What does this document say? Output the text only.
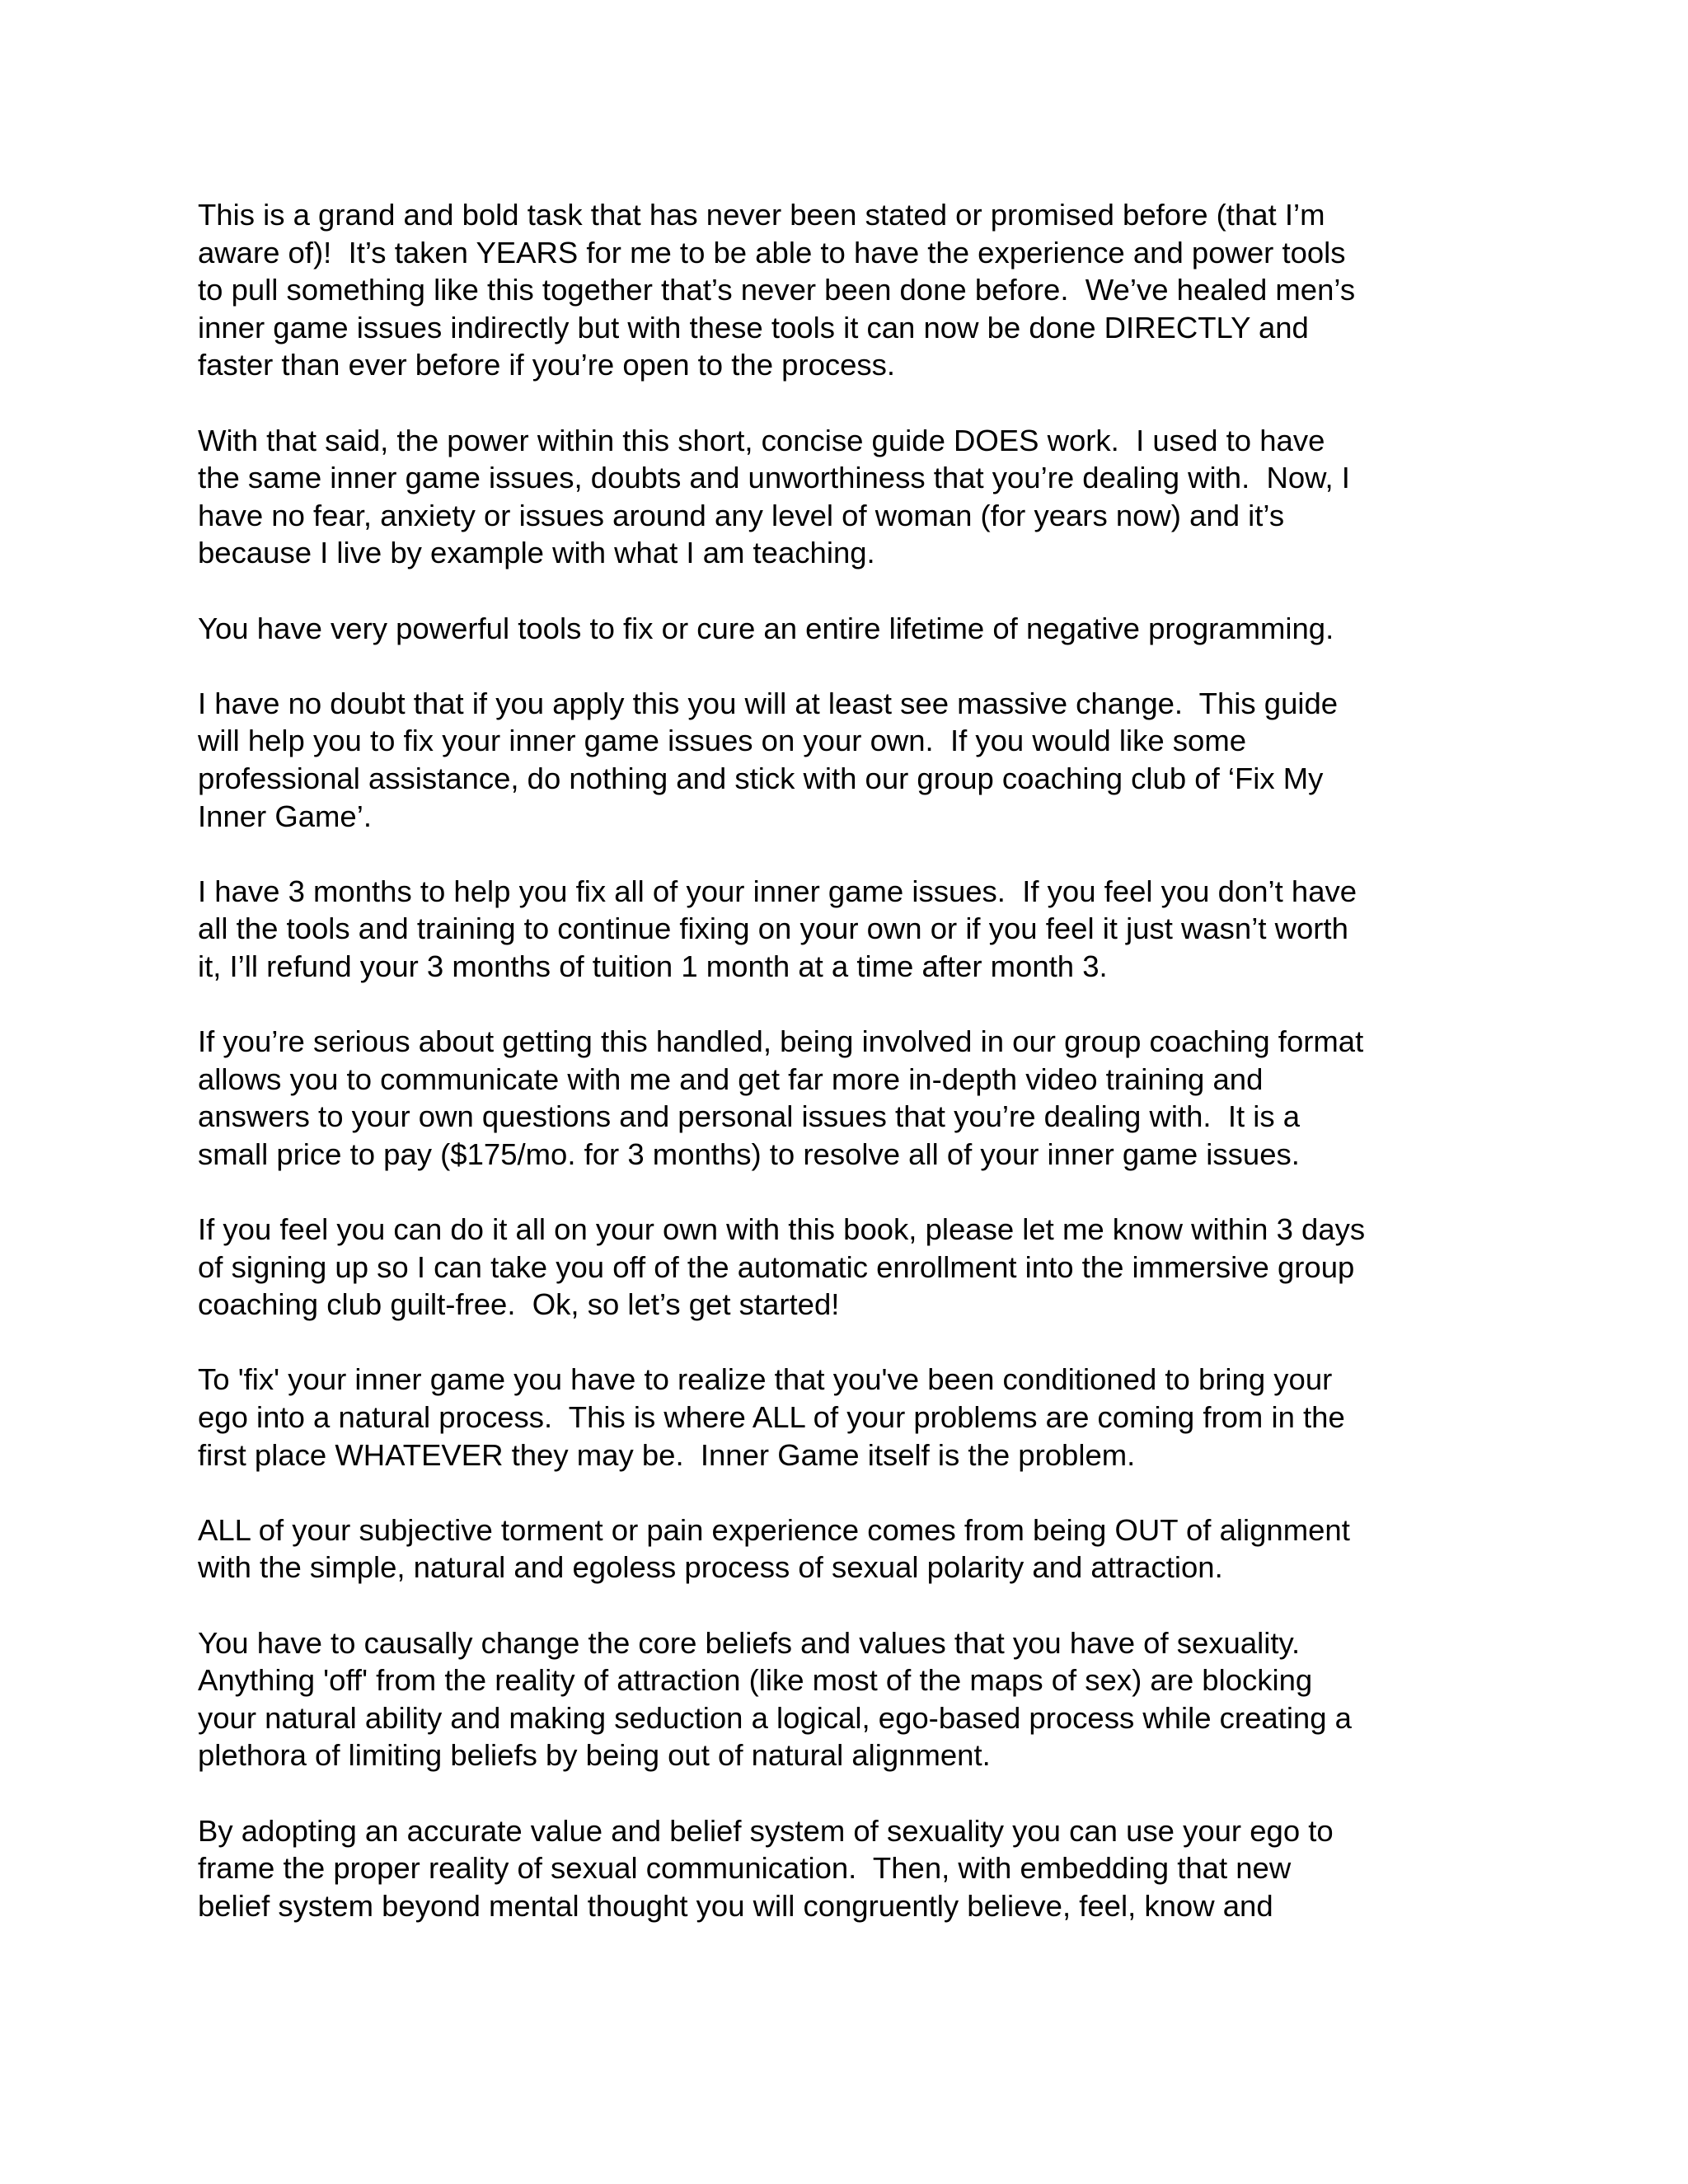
This is a grand and bold task that has never been stated or promised before (that I’m
aware of)!  It’s taken YEARS for me to be able to have the experience and power tools
to pull something like this together that’s never been done before.  We’ve healed men’s
inner game issues indirectly but with these tools it can now be done DIRECTLY and
faster than ever before if you’re open to the process.

With that said, the power within this short, concise guide DOES work.  I used to have
the same inner game issues, doubts and unworthiness that you’re dealing with.  Now, I
have no fear, anxiety or issues around any level of woman (for years now) and it’s
because I live by example with what I am teaching.

You have very powerful tools to fix or cure an entire lifetime of negative programming.

I have no doubt that if you apply this you will at least see massive change.  This guide
will help you to fix your inner game issues on your own.  If you would like some
professional assistance, do nothing and stick with our group coaching club of ‘Fix My
Inner Game’.

I have 3 months to help you fix all of your inner game issues.  If you feel you don’t have
all the tools and training to continue fixing on your own or if you feel it just wasn’t worth
it, I’ll refund your 3 months of tuition 1 month at a time after month 3.

If you’re serious about getting this handled, being involved in our group coaching format
allows you to communicate with me and get far more in-depth video training and
answers to your own questions and personal issues that you’re dealing with.  It is a
small price to pay ($175/mo. for 3 months) to resolve all of your inner game issues.

If you feel you can do it all on your own with this book, please let me know within 3 days
of signing up so I can take you off of the automatic enrollment into the immersive group
coaching club guilt-free.  Ok, so let’s get started!

To 'fix' your inner game you have to realize that you've been conditioned to bring your
ego into a natural process.  This is where ALL of your problems are coming from in the
first place WHATEVER they may be.  Inner Game itself is the problem.

ALL of your subjective torment or pain experience comes from being OUT of alignment
with the simple, natural and egoless process of sexual polarity and attraction.

You have to causally change the core beliefs and values that you have of sexuality.
Anything 'off' from the reality of attraction (like most of the maps of sex) are blocking
your natural ability and making seduction a logical, ego-based process while creating a
plethora of limiting beliefs by being out of natural alignment.

By adopting an accurate value and belief system of sexuality you can use your ego to
frame the proper reality of sexual communication.  Then, with embedding that new
belief system beyond mental thought you will congruently believe, feel, know and
